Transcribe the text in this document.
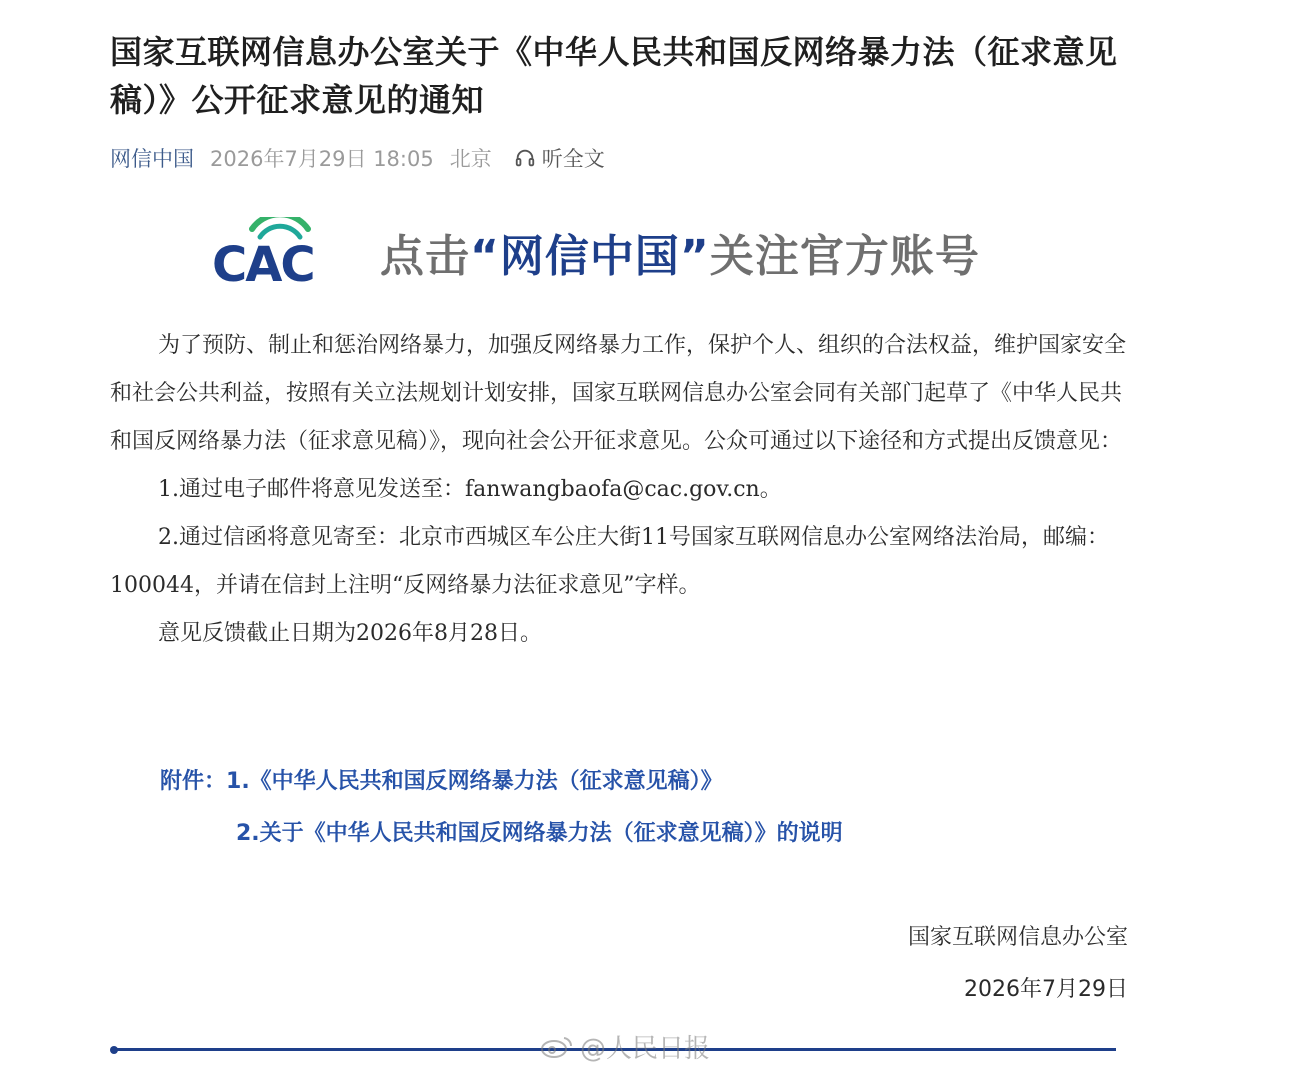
国家互联网信息办公室关于《中华人民共和国反网络暴力法（征求意见稿）》公开征求意见的通知
网信中国 2026年7月29日 18:05 北京 听全文
CAC 点击“网信中国”关注官方账号

为了预防、制止和惩治网络暴力，加强反网络暴力工作，保护个人、组织的合法权益，维护国家安全和社会公共利益，按照有关立法规划计划安排，国家互联网信息办公室会同有关部门起草了《中华人民共和国反网络暴力法（征求意见稿）》，现向社会公开征求意见。公众可通过以下途径和方式提出反馈意见：

1.通过电子邮件将意见发送至：fanwangbaofa@cac.gov.cn。

2.通过信函将意见寄至：北京市西城区车公庄大街11号国家互联网信息办公室网络法治局，邮编：100044，并请在信封上注明“反网络暴力法征求意见”字样。

意见反馈截止日期为2026年8月28日。

附件： 1.《中华人民共和国反网络暴力法（征求意见稿）》
2.关于《中华人民共和国反网络暴力法（征求意见稿）》的说明
国家互联网信息办公室
2026年7月29日
@人民日报
